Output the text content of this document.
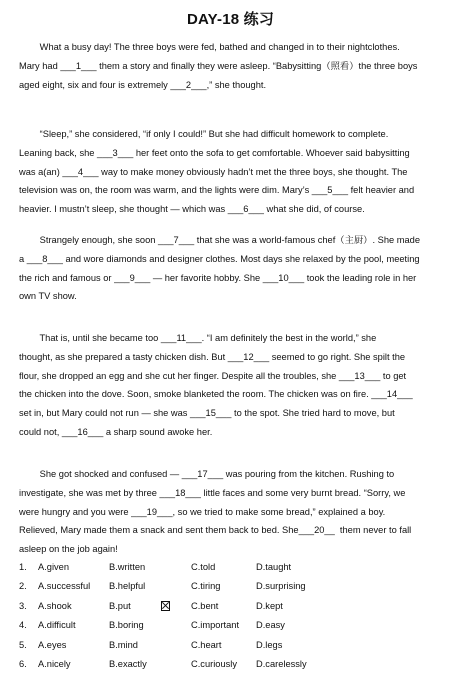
DAY-18 练习
What a busy day! The three boys were fed, bathed and changed in to their nightclothes.
Mary had ___1___ them a story and finally they were asleep. “Babysitting（照看）the three boys
aged eight, six and four is extremely ___2___,” she thought.
“Sleep,” she considered, “if only I could!” But she had difficult homework to complete.
Leaning back, she ___3___ her feet onto the sofa to get comfortable. Whoever said babysitting
was a(an) ___4___ way to make money obviously hadn’t met the three boys, she thought. The
television was on, the room was warm, and the lights were dim. Mary’s ___5___ felt heavier and
heavier. I mustn’t sleep, she thought — which was ___6___ what she did, of course.
Strangely enough, she soon ___7___ that she was a world-famous chef（主厨）. She made
a ___8___ and wore diamonds and designer clothes. Most days she relaxed by the pool, meeting
the rich and famous or ___9___ — her favorite hobby. She ___10___ took the leading role in her
own TV show.
That is, until she became too ___11___. “I am definitely the best in the world,” she
thought, as she prepared a tasty chicken dish. But ___12___ seemed to go right. She spilt the
flour, she dropped an egg and she cut her finger. Despite all the troubles, she ___13___ to get
the chicken into the dove. Soon, smoke blanketed the room. The chicken was on fire. ___14___
set in, but Mary could not run — she was ___15___ to the spot. She tried hard to move, but
could not, ___16___ a sharp sound awoke her.
She got shocked and confused — ___17___ was pouring from the kitchen. Rushing to
investigate, she was met by three ___18___ little faces and some very burnt bread. “Sorry, we
were hungry and you were ___19___, so we tried to make some bread,” explained a boy.
Relieved, Mary made them a snack and sent them back to bed. She___20__  them never to fall
asleep on the job again!
1. A.given	B.written	C.told	D.taught
2. A.successful B.helpful	C.tiring	D.surprising
3. A.shook	B.put	C.bent	D.kept
4. A.difficult	B.boring	C.important D.easy
5. A.eyes	B.mind	C.heart	D.legs
6. A.nicely	B.exactly	C.curiously D.carelessly
